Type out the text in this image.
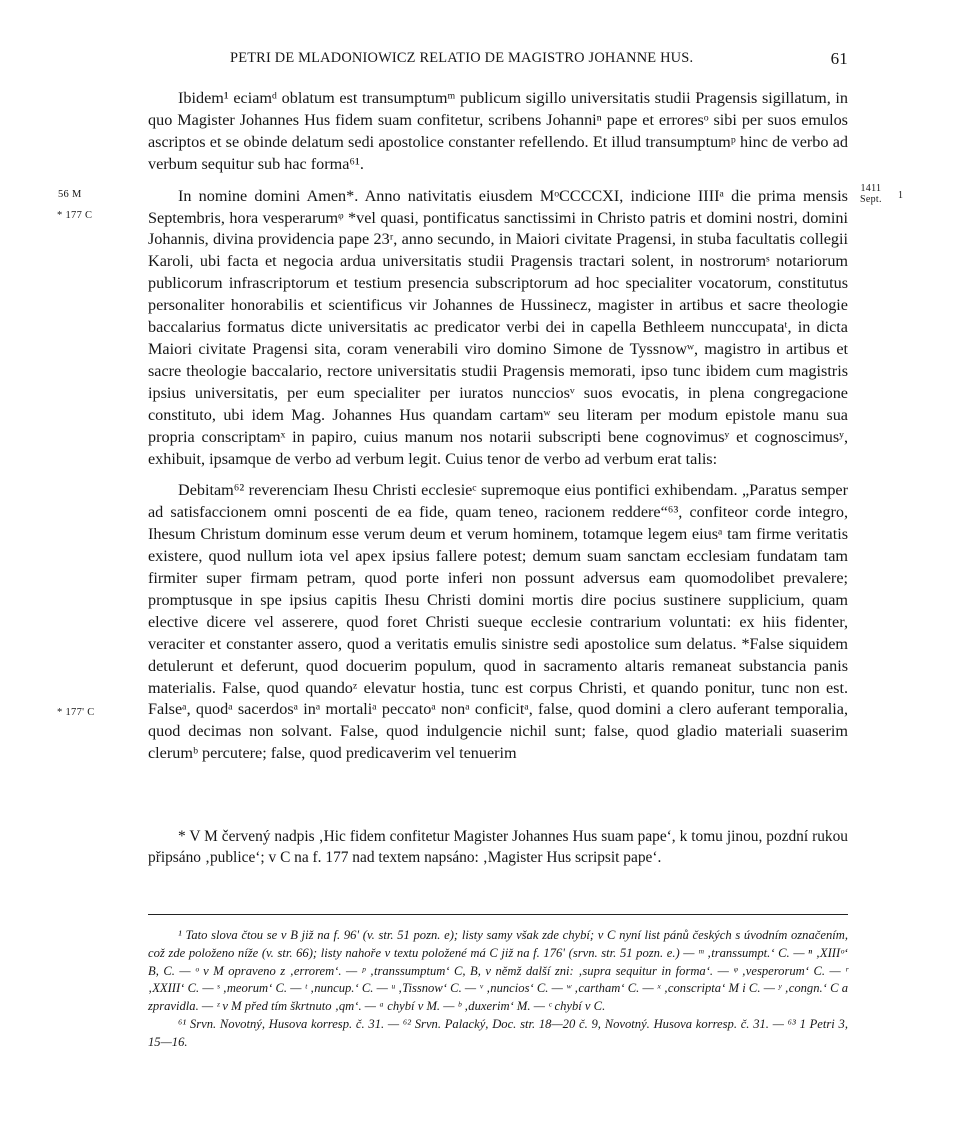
PETRI DE MLADONIOWICZ RELATIO DE MAGISTRO JOHANNE HUS.	61
56 M
* 177 C
* 177' C
1411
Sept. 1

Ibidem¹ eciamᵈ oblatum est transumptumᵐ publicum sigillo universitatis studii Pragensis sigillatum, in quo Magister Johannes Hus fidem suam confitetur, scribens Johanniⁿ pape et erroresᵒ sibi per suos emulos ascriptos et se obinde delatum sedi apostolice constanter refellendo. Et illud transumptumᵖ hinc de verbo ad verbum sequitur sub hac forma⁶¹.

In nomine domini Amen*. Anno nativitatis eiusdem MᵒCCCCXI, indicione IIIIᵃ die prima mensis Septembris, hora vesperarumᵠ *vel quasi, pontificatus sanctissimi in Christo patris et domini nostri, domini Johannis, divina providencia pape 23ʳ, anno secundo, in Maiori civitate Pragensi, in stuba facultatis collegii Karoli, ubi facta et negocia ardua universitatis studii Pragensis tractari solent, in nostrorumˢ notariorum publicorum infrascriptorum et testium presencia subscriptorum ad hoc specialiter vocatorum, constitutus personaliter honorabilis et scientificus vir Johannes de Hussinecz, magister in artibus et sacre theologie baccalarius formatus dicte universitatis ac predicator verbi dei in capella Bethleem nunccupataᵗ, in dicta Maiori civitate Pragensi sita, coram venerabili viro domino Simone de Tyssnowʷ, magistro in artibus et sacre theologie baccalario, rectore universitatis studii Pragensis memorati, ipso tunc ibidem cum magistris ipsius universitatis, per eum specialiter per iuratos nuncciosᵛ suos evocatis, in plena congregacione constituto, ubi idem Mag. Johannes Hus quandam cartamʷ seu literam per modum epistole manu sua propria conscriptamˣ in papiro, cuius manum nos notarii subscripti bene cognovimusʸ et cognoscimusʸ, exhibuit, ipsamque de verbo ad verbum legit. Cuius tenor de verbo ad verbum erat talis:

Debitam⁶² reverenciam Ihesu Christi ecclesieᶜ supremoque eius pontifici exhibendam. „Paratus semper ad satisfaccionem omni poscenti de ea fide, quam teneo, racionem reddere“⁶³, confiteor corde integro, Ihesum Christum dominum esse verum deum et verum hominem, totamque legem eiusᵃ tam firme veritatis existere, quod nullum iota vel apex ipsius fallere potest; demum suam sanctam ecclesiam fundatam tam firmiter super firmam petram, quod porte inferi non possunt adversus eam quomodolibet prevalere; promptusque in spe ipsius capitis Ihesu Christi domini mortis dire pocius sustinere supplicium, quam elective dicere vel asserere, quod foret Christi sueque ecclesie contrarium voluntati: ex hiis fidenter, veraciter et constanter assero, quod a veritatis emulis sinistre sedi apostolice sum delatus. *False siquidem detulerunt et deferunt, quod docuerim populum, quod in sacramento altaris remaneat substancia panis materialis. False, quod quandoᶻ elevatur hostia, tunc est corpus Christi, et quando ponitur, tunc non est. Falseᵃ, quodᵃ sacerdosᵃ inᵃ mortaliᵃ peccatoᵃ nonᵃ conficitᵃ, false, quod domini a clero auferant temporalia, quod decimas non solvant. False, quod indulgencie nichil sunt; false, quod gladio materiali suaserim clerumᵇ percutere; false, quod predicaverim vel tenuerim

* V M červený nadpis ‚Hic fidem confitetur Magister Johannes Hus suam pape‘, k tomu jinou, pozdní rukou připsáno ‚publice‘; v C na f. 177 nad textem napsáno: ‚Magister Hus scripsit pape‘.

¹ Tato slova čtou se v B již na f. 96' (v. str. 51 pozn. e); listy samy však zde chybí; v C nyní list pánů českých s úvodním označením, což zde položeno níže (v. str. 66); listy nahoře v textu položené má C již na f. 176' (srvn. str. 51 pozn. e.) — ᵐ ‚transsumpt.‘ C. — ⁿ ‚XIIIᵒ‘ B, C. — ᵒ v M opraveno z ‚errorem‘. — ᵖ ‚transsumptum‘ C, B, v němž další zni: ‚supra sequitur in forma‘. — ᵠ ‚vesperorum‘ C. — ʳ ‚XXIII‘ C. — ˢ ‚meorum‘ C. — ᵗ ‚nuncup.‘ C. — ᵘ ‚Tissnow‘ C. — ᵛ ‚nuncios‘ C. — ʷ ‚cartham‘ C. — ˣ ‚conscripta‘ M i C. — ʸ ‚congn.‘ C a zpravidla. — ᶻ v M před tím škrtnuto ‚qm‘. — ᵃ chybí v M. — ᵇ ‚duxerim‘ M. — ᶜ chybí v C.

⁶¹ Srvn. Novotný, Husova korresp. č. 31. — ⁶² Srvn. Palacký, Doc. str. 18—20 č. 9, Novotný. Husova korresp. č. 31. — ⁶³ 1 Petri 3, 15—16.
